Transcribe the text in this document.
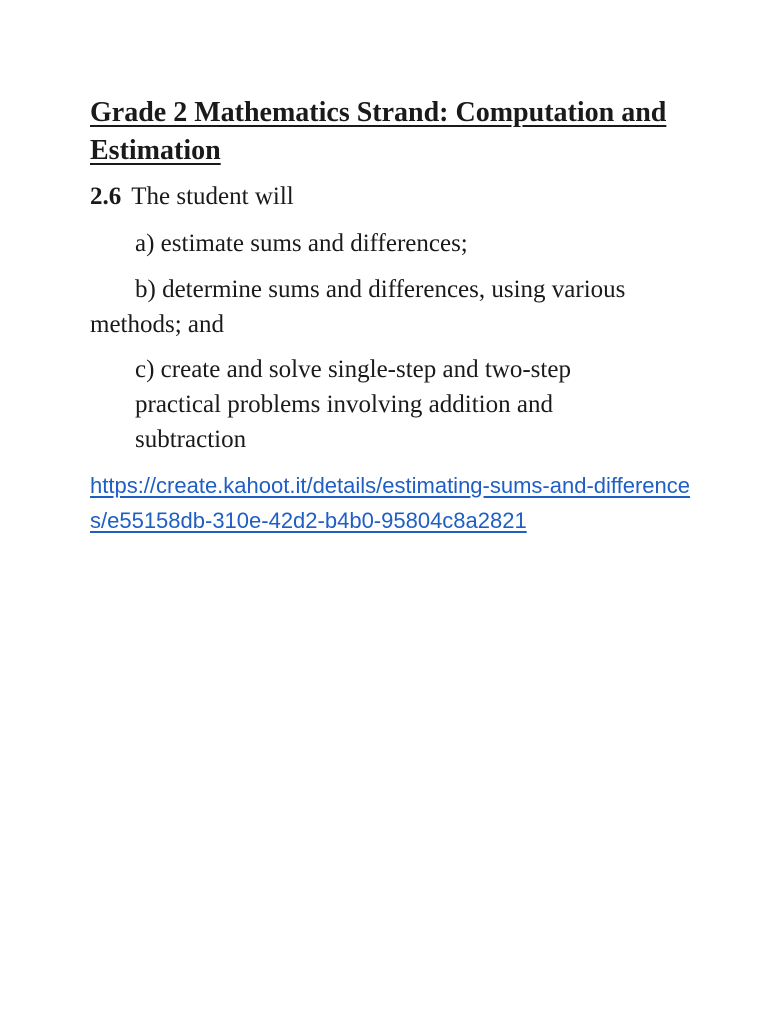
Grade 2 Mathematics Strand: Computation and Estimation

2.6 The student will

a) estimate sums and differences;

b) determine sums and differences, using various methods; and

c) create and solve single-step and two-step practical problems involving addition and subtraction

https://create.kahoot.it/details/estimating-sums-and-differences/e55158db-310e-42d2-b4b0-95804c8a2821
